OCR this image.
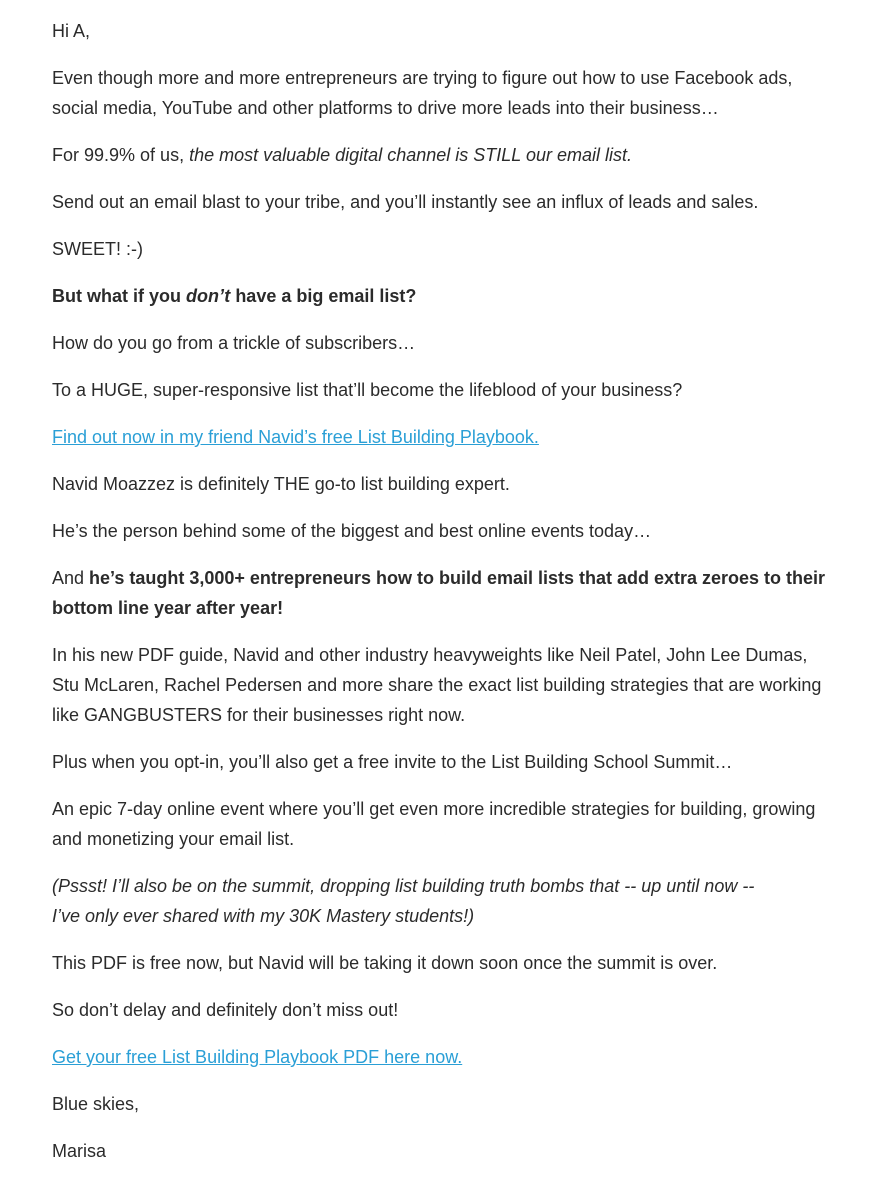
Hi A,

Even though more and more entrepreneurs are trying to figure out how to use Facebook ads, social media, YouTube and other platforms to drive more leads into their business…

For 99.9% of us, the most valuable digital channel is STILL our email list.

Send out an email blast to your tribe, and you’ll instantly see an influx of leads and sales.

SWEET! :-)

But what if you don’t have a big email list?

How do you go from a trickle of subscribers…

To a HUGE, super-responsive list that’ll become the lifeblood of your business?

Find out now in my friend Navid’s free List Building Playbook.

Navid Moazzez is definitely THE go-to list building expert.

He’s the person behind some of the biggest and best online events today…

And he’s taught 3,000+ entrepreneurs how to build email lists that add extra zeroes to their bottom line year after year!

In his new PDF guide, Navid and other industry heavyweights like Neil Patel, John Lee Dumas, Stu McLaren, Rachel Pedersen and more share the exact list building strategies that are working like GANGBUSTERS for their businesses right now.

Plus when you opt-in, you’ll also get a free invite to the List Building School Summit…

An epic 7-day online event where you’ll get even more incredible strategies for building, growing and monetizing your email list.

(Pssst! I’ll also be on the summit, dropping list building truth bombs that -- up until now --
I’ve only ever shared with my 30K Mastery students!)

This PDF is free now, but Navid will be taking it down soon once the summit is over.

So don’t delay and definitely don’t miss out!

Get your free List Building Playbook PDF here now.

Blue skies,

Marisa
